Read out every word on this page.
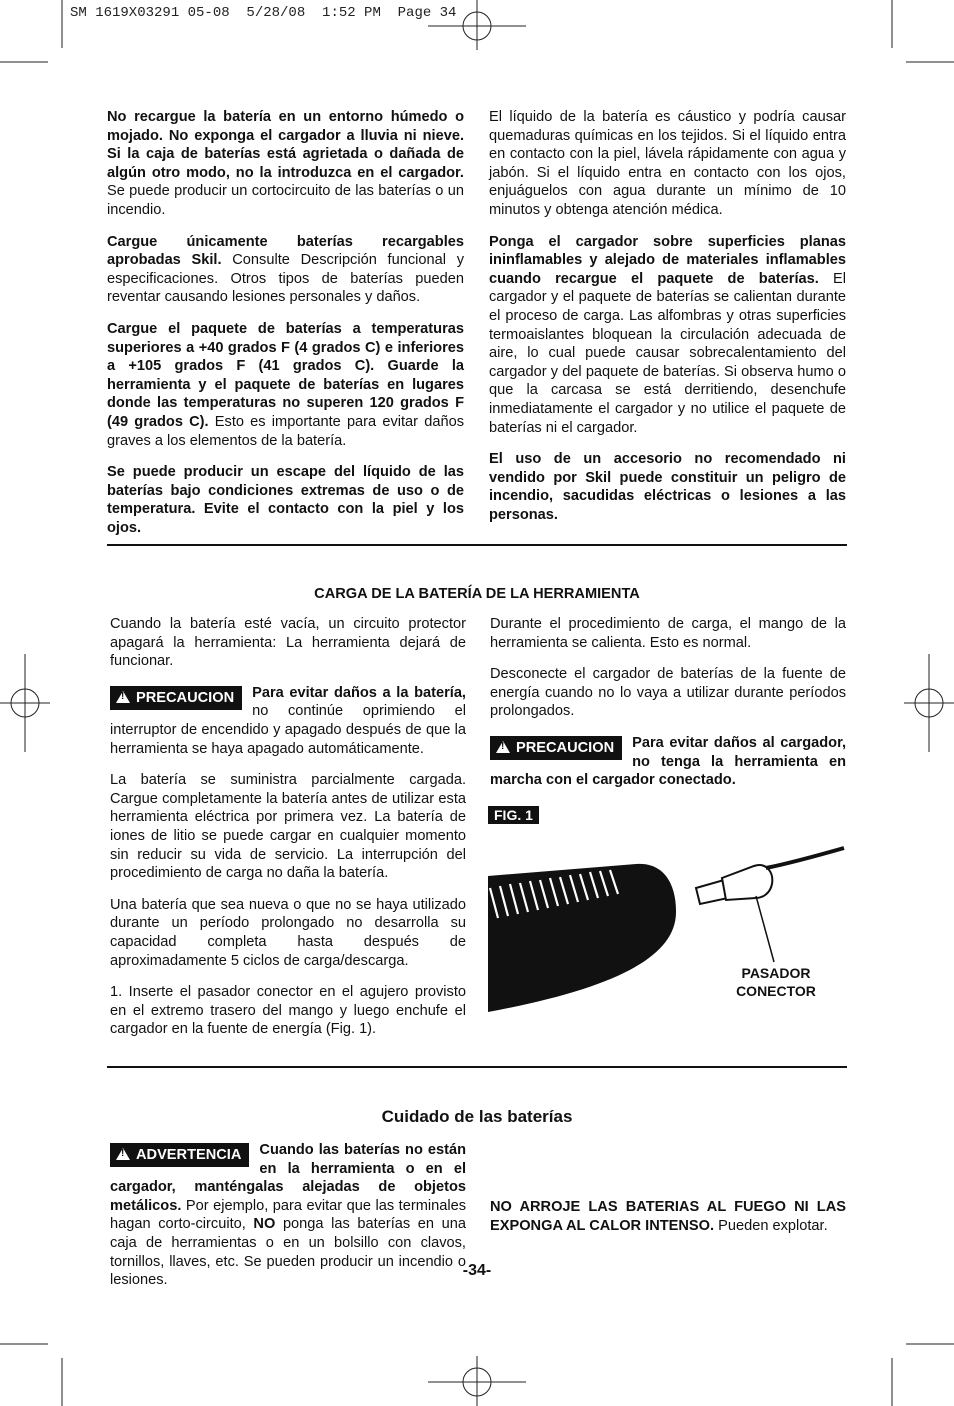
SM 1619X03291 05-08  5/28/08  1:52 PM  Page 34

No recargue la batería en un entorno húmedo o mojado. No exponga el cargador a lluvia ni nieve. Si la caja de baterías está agrietada o dañada de algún otro modo, no la introduzca en el cargador. Se puede producir un cortocircuito de las baterías o un incendio.

Cargue únicamente baterías recargables aprobadas Skil. Consulte Descripción funcional y especificaciones. Otros tipos de baterías pueden reventar causando lesiones personales y daños.

Cargue el paquete de baterías a temperaturas superiores a +40 grados F (4 grados C) e inferiores a +105 grados F (41 grados C). Guarde la herramienta y el paquete de baterías en lugares donde las temperaturas no superen 120 grados F (49 grados C). Esto es importante para evitar daños graves a los elementos de la batería.

Se puede producir un escape del líquido de las baterías bajo condiciones extremas de uso o de temperatura. Evite el contacto con la piel y los ojos.

El líquido de la batería es cáustico y podría causar quemaduras químicas en los tejidos. Si el líquido entra en contacto con la piel, lávela rápidamente con agua y jabón. Si el líquido entra en contacto con los ojos, enjuáguelos con agua durante un mínimo de 10 minutos y obtenga atención médica.

Ponga el cargador sobre superficies planas ininflamables y alejado de materiales inflamables cuando recargue el paquete de baterías. El cargador y el paquete de baterías se calientan durante el proceso de carga. Las alfombras y otras superficies termoaislantes bloquean la circulación adecuada de aire, lo cual puede causar sobrecalentamiento del cargador y del paquete de baterías. Si observa humo o que la carcasa se está derritiendo, desenchufe inmediatamente el cargador y no utilice el paquete de baterías ni el cargador.

El uso de un accesorio no recomendado ni vendido por Skil puede constituir un peligro de incendio, sacudidas eléctricas o lesiones a las personas.

CARGA DE LA BATERÍA DE LA HERRAMIENTA

Cuando la batería esté vacía, un circuito protector apagará la herramienta: La herramienta dejará de funcionar.

!PRECAUCION	Para evitar daños a la batería, no continúe oprimiendo el interruptor de encendido y apagado después de que la herramienta se haya apagado automáticamente.

La batería se suministra parcialmente cargada. Cargue completamente la batería antes de utilizar esta herramienta eléctrica por primera vez. La batería de iones de litio se puede cargar en cualquier momento sin reducir su vida de servicio. La interrupción del procedimiento de carga no daña la batería.

Una batería que sea nueva o que no se haya utilizado durante un período prolongado no desarrolla su capacidad completa hasta después de aproximadamente 5 ciclos de carga/descarga.

1. Inserte el pasador conector en el agujero provisto en el extremo trasero del mango y luego enchufe el cargador en la fuente de energía (Fig. 1).

Durante el procedimiento de carga, el mango de la herramienta se calienta. Esto es normal.

Desconecte el cargador de baterías de la fuente de energía cuando no lo vaya a utilizar durante períodos prolongados.

!PRECAUCION	Para evitar daños al cargador, no tenga la herramienta en marcha con el cargador conectado.

FIG. 1
PASADOR
CONECTOR
Cuidado de las baterías

!ADVERTENCIA	Cuando las baterías no están en la herramienta o en el cargador, manténgalas alejadas de objetos metálicos. Por ejemplo, para evitar que las terminales hagan corto-circuito, NO ponga las baterías en una caja de herramientas o en un bolsillo con clavos, tornillos, llaves, etc. Se pueden producir un incendio o lesiones.

NO ARROJE LAS BATERIAS AL FUEGO NI LAS EXPONGA AL CALOR INTENSO. Pueden explotar.

-34-
